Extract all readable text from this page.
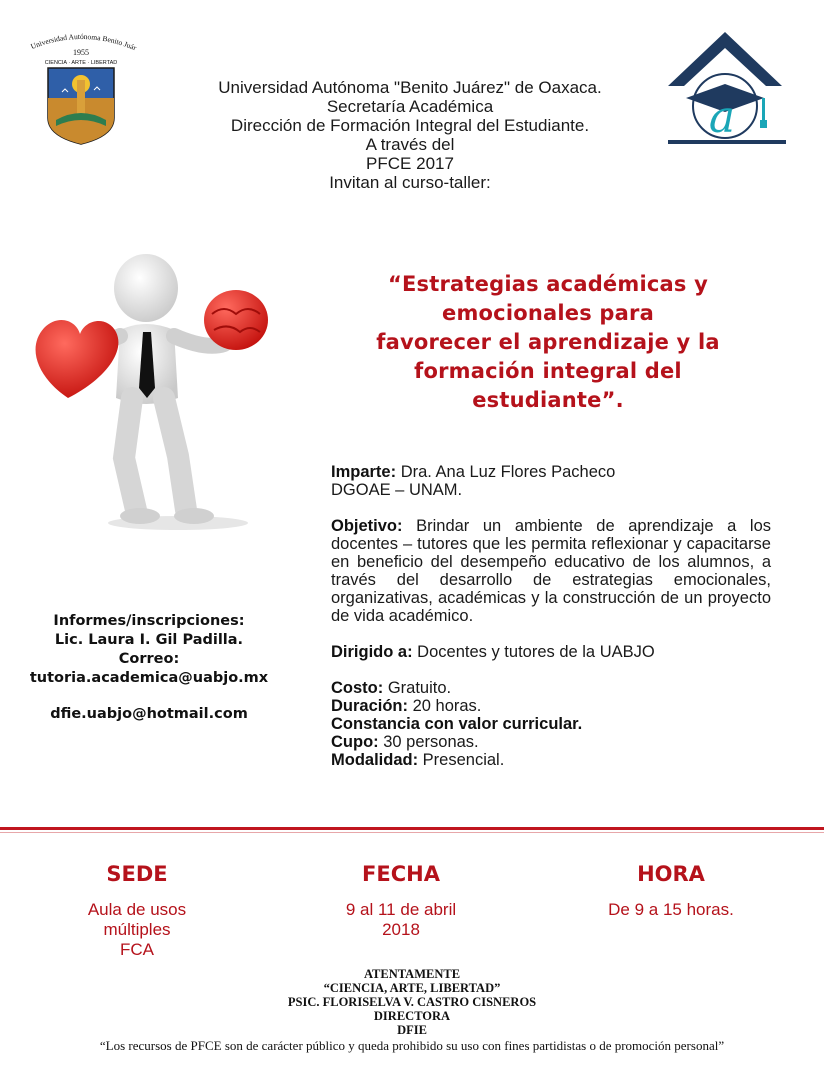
Universidad Autónoma Benito Juár
1955
CIENCIA · ARTE · LIBERTAD
Universidad Autónoma "Benito Juárez" de Oaxaca.
Secretaría Académica
Dirección de Formación Integral del Estudiante.
A través del
PFCE 2017
Invitan al curso-taller:
a
“Estrategias académicas y
emocionales para
favorecer el aprendizaje y la
formación integral del
estudiante”.

Imparte: Dra. Ana Luz Flores Pacheco

DGOAE – UNAM.

Objetivo: Brindar un ambiente de aprendizaje a los docentes – tutores que les permita reflexionar y capacitarse en beneficio del desempeño educativo de los alumnos, a través del desarrollo de estrategias emocionales, organizativas, académicas y la construcción de un proyecto de vida académico.

Dirigido a: Docentes y tutores de la UABJO

Costo: Gratuito.

Duración: 20 horas.

Constancia con valor curricular.

Cupo: 30 personas.

Modalidad: Presencial.

Informes/inscripciones:
Lic. Laura I. Gil Padilla.
Correo:
tutoria.academica@uabjo.mx
dfie.uabjo@hotmail.com
SEDE
Aula de usos
múltiples
FCA
FECHA
9 al 11 de abril
2018
HORA
De 9 a 15 horas.
ATENTAMENTE
“CIENCIA, ARTE, LIBERTAD”
PSIC. FLORISELVA V. CASTRO CISNEROS
DIRECTORA
DFIE
“Los recursos de PFCE son de carácter público y queda prohibido su uso con fines partidistas o de promoción personal”
